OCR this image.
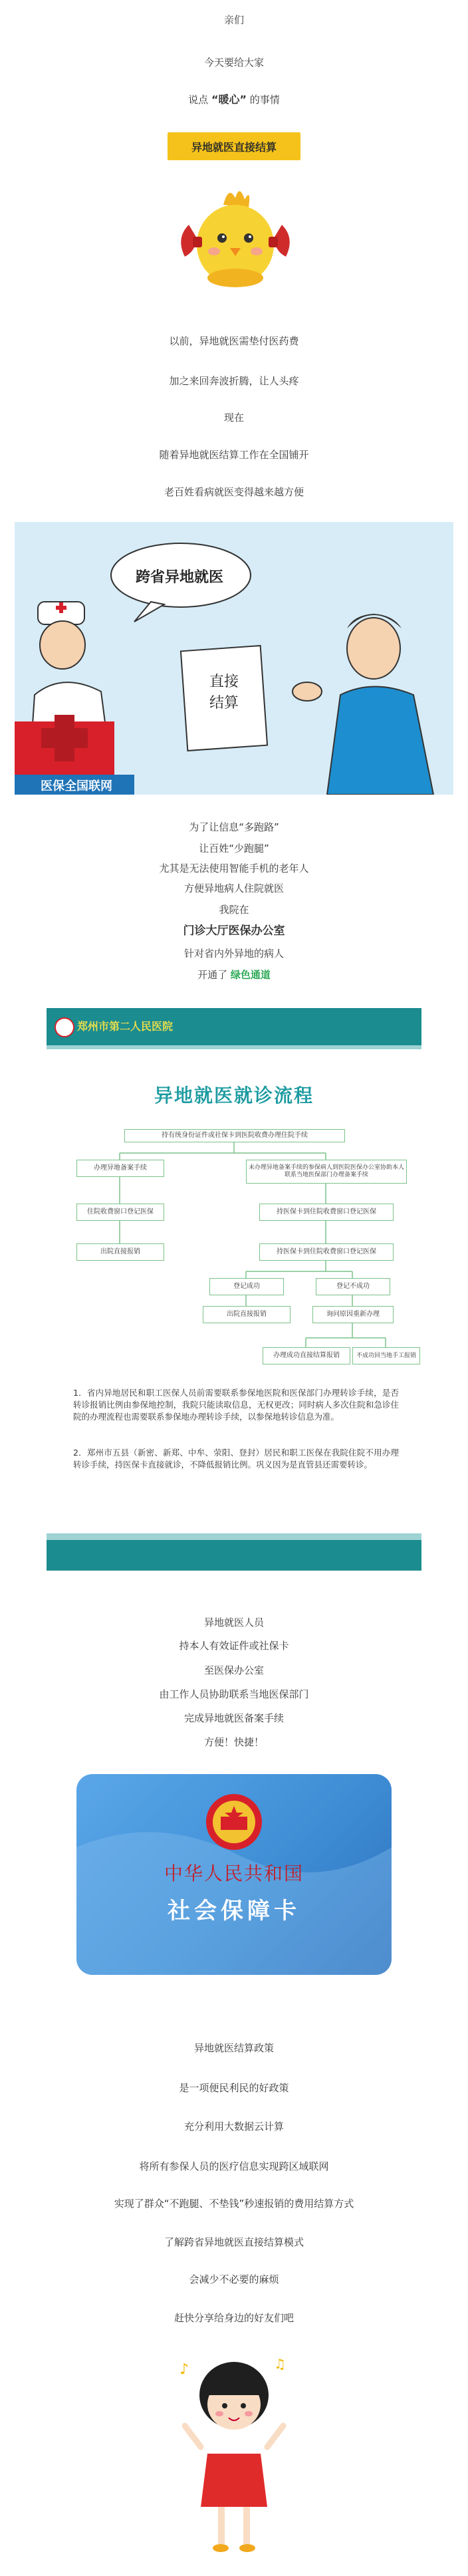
亲们
今天要给大家
说点 “暖心” 的事情
异地就医直接结算
以前，异地就医需垫付医药费
加之来回奔波折腾，让人头疼
现在
随着异地就医结算工作在全国铺开
老百姓看病就医变得越来越方便
跨省异地就医
直接
结算
医保全国联网
为了让信息“多跑路”
让百姓“少跑腿”
尤其是无法使用智能手机的老年人
方便异地病人住院就医
我院在
门诊大厅医保办公室
针对省内外异地的病人
开通了 绿色通道
郑州市第二人民医院
异地就医就诊流程
持有统身份证件或社保卡到医院收费办理住院手续
办理异地备案手续	未办理异地备案手续的参保病人到医院医保办公室协助本人联系当地医保部门办理备案手续
住院收费窗口登记医保	持医保卡到住院收费窗口登记医保
出院直接报销	持医保卡到住院收费窗口登记医保
登记成功	登记不成功
出院直接报销	询问原因重新办理
办理成功直接结算报销	不成功回当地手工报销
1．省内异地居民和职工医保人员前需要联系参保地医院和医保部门办理转诊手续，是否转诊报销比例由参保地控制，我院只能读取信息，无权更改；同时病人多次住院和急诊住院的办理流程也需要联系参保地办理转诊手续，以参保地转诊信息为准。
2．郑州市五县（新密、新郑、中牟、荥阳、登封）居民和职工医保在我院住院不用办理转诊手续，持医保卡直接就诊，不降低报销比例。巩义因为是直管县还需要转诊。
异地就医人员
持本人有效证件或社保卡
至医保办公室
由工作人员协助联系当地医保部门
完成异地就医备案手续
方便！快捷！
中华人民共和国
社会保障卡
异地就医结算政策
是一项便民利民的好政策
充分利用大数据云计算
将所有参保人员的医疗信息实现跨区域联网
实现了群众“不跑腿、不垫钱”秒速报销的费用结算方式
了解跨省异地就医直接结算模式
会减少不必要的麻烦
赶快分享给身边的好友们吧
♪	♫
